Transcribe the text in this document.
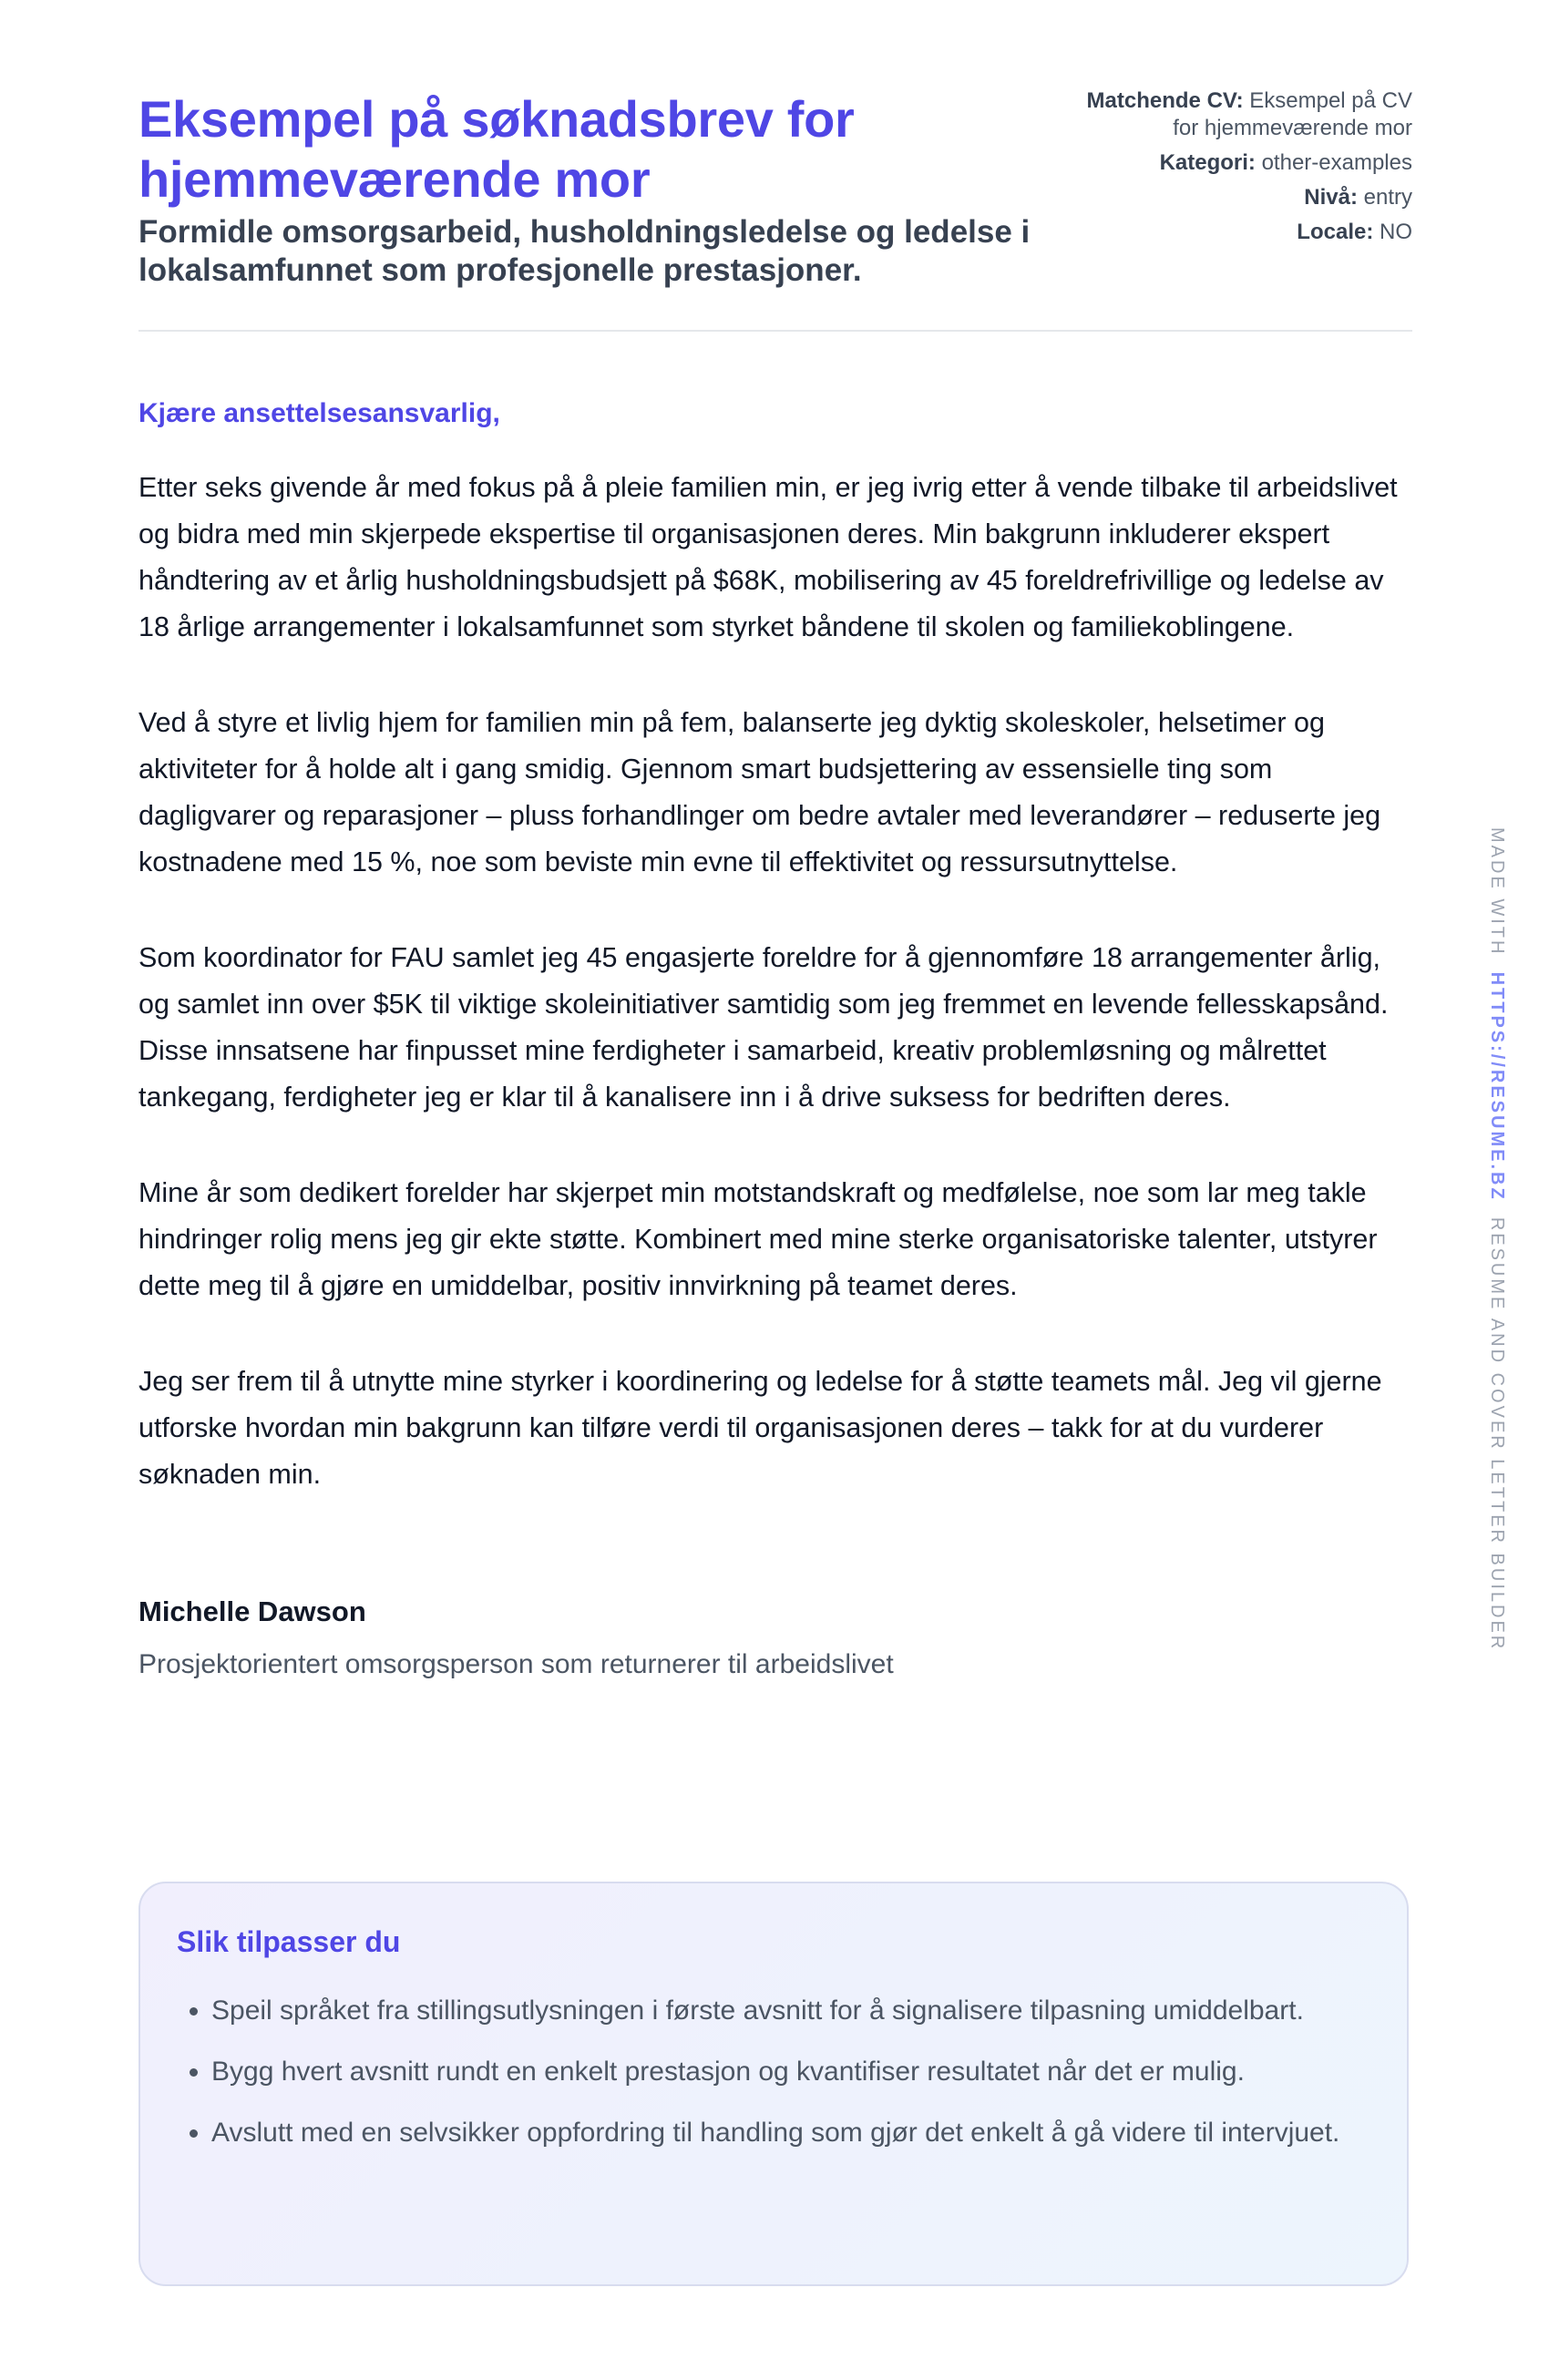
Eksempel på søknadsbrev for hjemmeværende mor

Formidle omsorgsarbeid, husholdningsledelse og ledelse i lokalsamfunnet som profesjonelle prestasjoner.

Matchende CV: Eksempel på CV for hjemmeværende mor
Kategori: other-examples
Nivå: entry
Locale: NO

Kjære ansettelsesansvarlig,

Etter seks givende år med fokus på å pleie familien min, er jeg ivrig etter å vende tilbake til arbeidslivet og bidra med min skjerpede ekspertise til organisasjonen deres. Min bakgrunn inkluderer ekspert håndtering av et årlig husholdningsbudsjett på $68K, mobilisering av 45 foreldrefrivillige og ledelse av 18 årlige arrangementer i lokalsamfunnet som styrket båndene til skolen og familiekoblingene.

Ved å styre et livlig hjem for familien min på fem, balanserte jeg dyktig skoleskoler, helsetimer og aktiviteter for å holde alt i gang smidig. Gjennom smart budsjettering av essensielle ting som dagligvarer og reparasjoner – pluss forhandlinger om bedre avtaler med leverandører – reduserte jeg kostnadene med 15 %, noe som beviste min evne til effektivitet og ressursutnyttelse.

Som koordinator for FAU samlet jeg 45 engasjerte foreldre for å gjennomføre 18 arrangementer årlig, og samlet inn over $5K til viktige skoleinitiativer samtidig som jeg fremmet en levende fellesskapsånd. Disse innsatsene har finpusset mine ferdigheter i samarbeid, kreativ problemløsning og målrettet tankegang, ferdigheter jeg er klar til å kanalisere inn i å drive suksess for bedriften deres.

Mine år som dedikert forelder har skjerpet min motstandskraft og medfølelse, noe som lar meg takle hindringer rolig mens jeg gir ekte støtte. Kombinert med mine sterke organisatoriske talenter, utstyrer dette meg til å gjøre en umiddelbar, positiv innvirkning på teamet deres.

Jeg ser frem til å utnytte mine styrker i koordinering og ledelse for å støtte teamets mål. Jeg vil gjerne utforske hvordan min bakgrunn kan tilføre verdi til organisasjonen deres – takk for at du vurderer søknaden min.

Michelle Dawson
Prosjektorientert omsorgsperson som returnerer til arbeidslivet
Slik tilpasser du
• Speil språket fra stillingsutlysningen i første avsnitt for å signalisere tilpasning umiddelbart.
• Bygg hvert avsnitt rundt en enkelt prestasjon og kvantifiser resultatet når det er mulig.
• Avslutt med en selvsikker oppfordring til handling som gjør det enkelt å gå videre til intervjuet.
MADE WITH  HTTPS://RESUME.BZ  RESUME AND COVER LETTER BUILDER
